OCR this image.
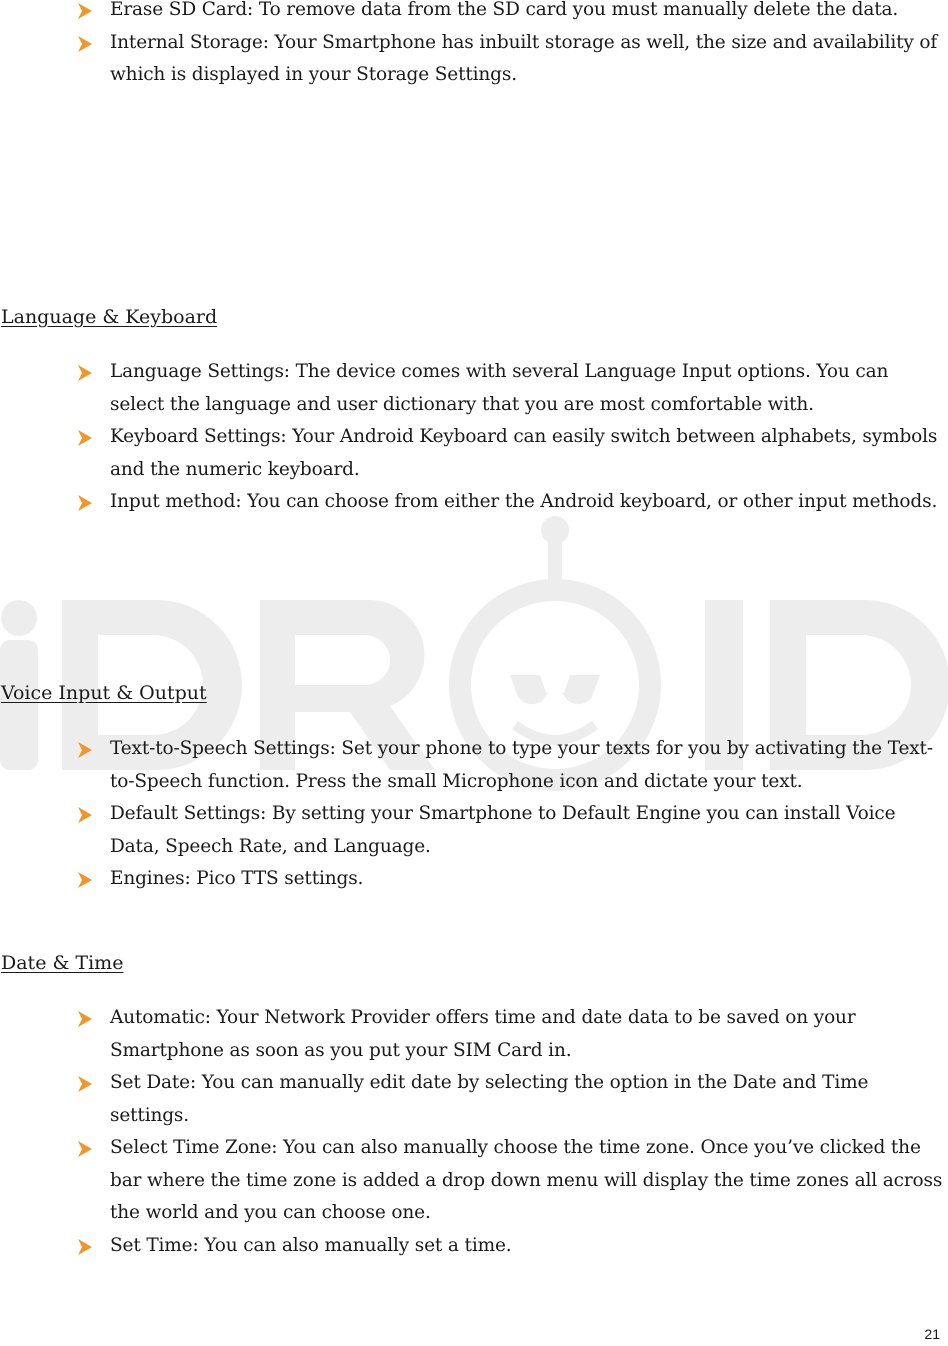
Erase SD Card: To remove data from the SD card you must manually delete the data.
Internal Storage: Your Smartphone has inbuilt storage as well, the size and availability of which is displayed in your Storage Settings.
Language & Keyboard
Language Settings: The device comes with several Language Input options. You can select the language and user dictionary that you are most comfortable with.
Keyboard Settings: Your Android Keyboard can easily switch between alphabets, symbols and the numeric keyboard.
Input method: You can choose from either the Android keyboard, or other input methods.
Voice Input & Output
Text-to-Speech Settings: Set your phone to type your texts for you by activating the Text-to-Speech function. Press the small Microphone icon and dictate your text.
Default Settings: By setting your Smartphone to Default Engine you can install Voice Data, Speech Rate, and Language.
Engines: Pico TTS settings.
Date & Time
Automatic: Your Network Provider offers time and date data to be saved on your Smartphone as soon as you put your SIM Card in.
Set Date: You can manually edit date by selecting the option in the Date and Time settings.
Select Time Zone: You can also manually choose the time zone. Once you’ve clicked the bar where the time zone is added a drop down menu will display the time zones all across the world and you can choose one.
Set Time: You can also manually set a time.
21
